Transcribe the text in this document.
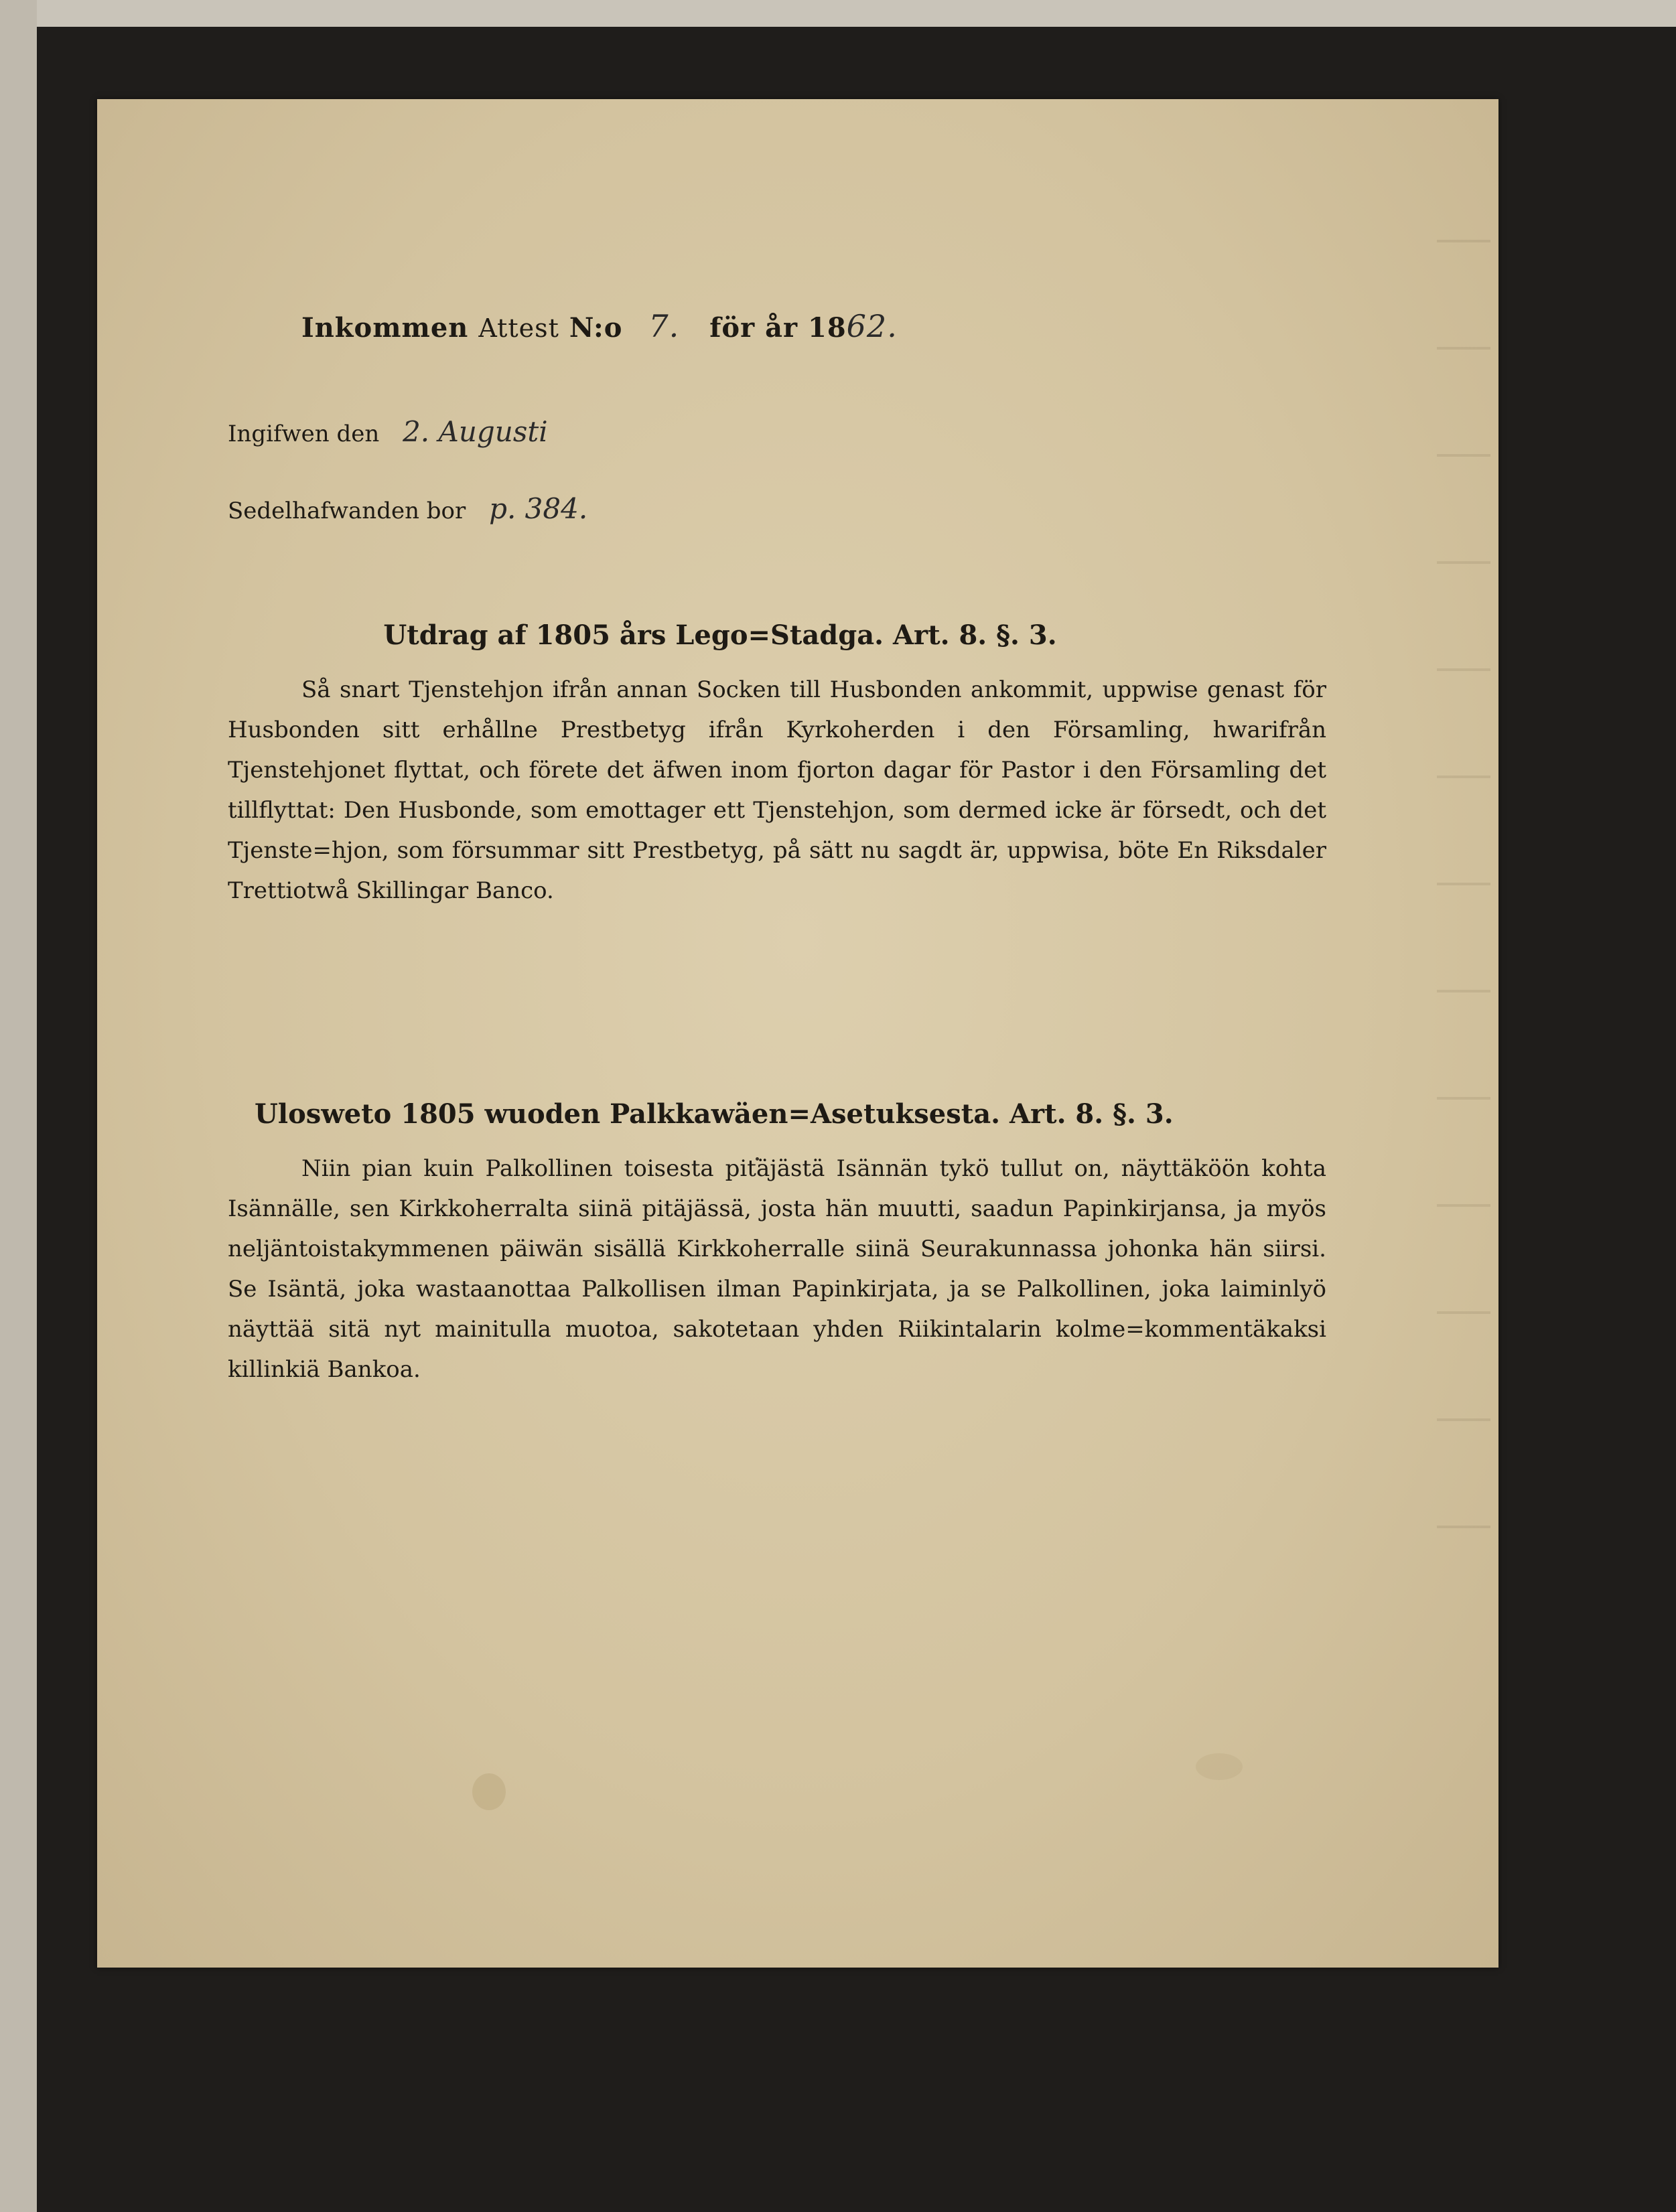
Inkommen Attest N:o 7. för år 1862.
Ingifwen den 2. Augusti
Sedelhafwanden bor p. 384.
Utdrag af 1805 års Lego=Stadga. Art. 8. §. 3.
Så snart Tjenstehjon ifrån annan Socken till Husbonden ankommit, uppwise genast för Husbonden sitt erhållne Prestbetyg ifrån Kyrkoherden i den Församling, hwarifrån Tjenstehjonet flyttat, och förete det äfwen inom fjorton dagar för Pastor i den Församling det tillflyttat: Den Husbonde, som emottager ett Tjenstehjon, som dermed icke är försedt, och det Tjenste=hjon, som försummar sitt Prestbetyg, på sätt nu sagdt är, uppwisa, böte En Riksdaler Trettiotwå Skillingar Banco.
Ulosweto 1805 wuoden Palkkawäen=Asetuksesta. Art. 8. §. 3.
Niin pian kuin Palkollinen toisesta pitäjästä Isännän tykö tullut on, näyttäköön kohta Isännälle, sen Kirkkoherralta siinä pitäjässä, josta hän muutti, saadun Papinkirjansa, ja myös neljäntoistakymmenen päiwän sisällä Kirkkoherralle siinä Seurakunnassa johonka hän siirsi. Se Isäntä, joka wastaanottaa Palkollisen ilman Papinkirjata, ja se Palkollinen, joka laiminlyö näyttää sitä nyt mainitulla muotoa, sakotetaan yhden Riikintalarin kolme=kommentäkaksi killinkiä Bankoa.
